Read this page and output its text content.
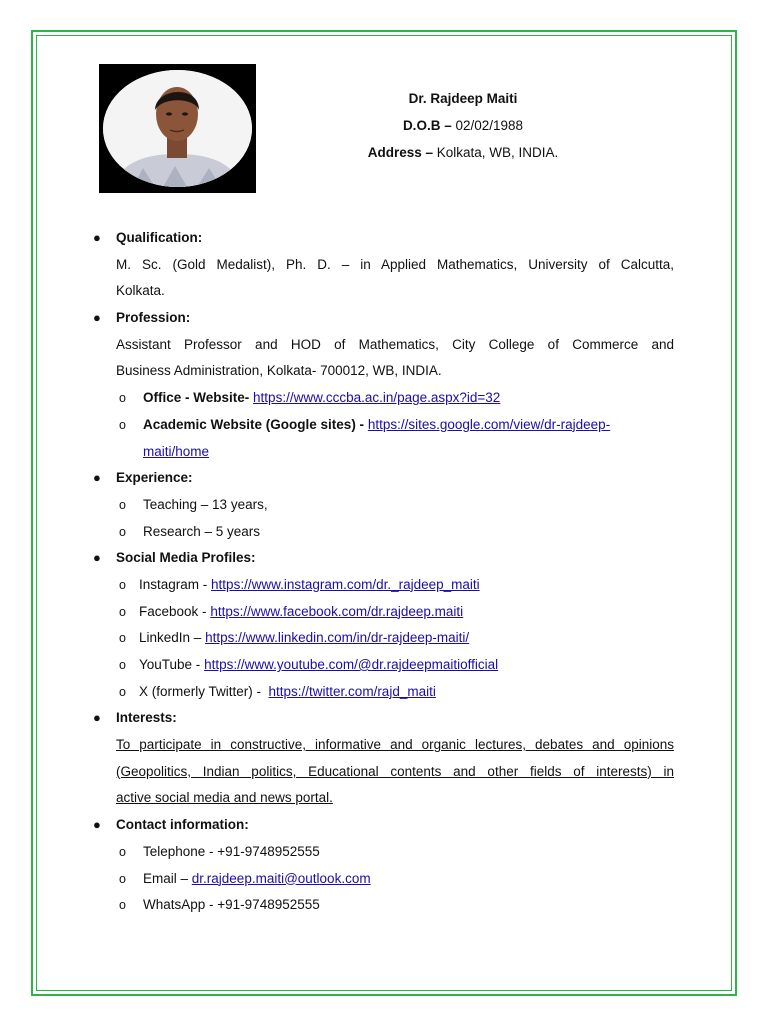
Dr. Rajdeep Maiti
D.O.B – 02/02/1988
Address – Kolkata, WB, INDIA.
● Qualification:
M. Sc. (Gold Medalist), Ph. D. – in Applied Mathematics, University of Calcutta,
Kolkata.
● Profession:
Assistant Professor and HOD of Mathematics, City College of Commerce and
Business Administration, Kolkata- 700012, WB, INDIA.
o Office - Website- https://www.cccba.ac.in/page.aspx?id=32
o Academic Website (Google sites) - https://sites.google.com/view/dr-rajdeep-
maiti/home
● Experience:
o Teaching – 13 years,
o Research – 5 years
● Social Media Profiles:
o Instagram - https://www.instagram.com/dr._rajdeep_maiti
o Facebook - https://www.facebook.com/dr.rajdeep.maiti
o LinkedIn – https://www.linkedin.com/in/dr-rajdeep-maiti/
o YouTube - https://www.youtube.com/@dr.rajdeepmaitiofficial
o X (formerly Twitter) - https://twitter.com/rajd_maiti
● Interests:
To participate in constructive, informative and organic lectures, debates and opinions
(Geopolitics, Indian politics, Educational contents and other fields of interests) in
active social media and news portal.
● Contact information:
o Telephone - +91-9748952555
o Email – dr.rajdeep.maiti@outlook.com
o WhatsApp - +91-9748952555
